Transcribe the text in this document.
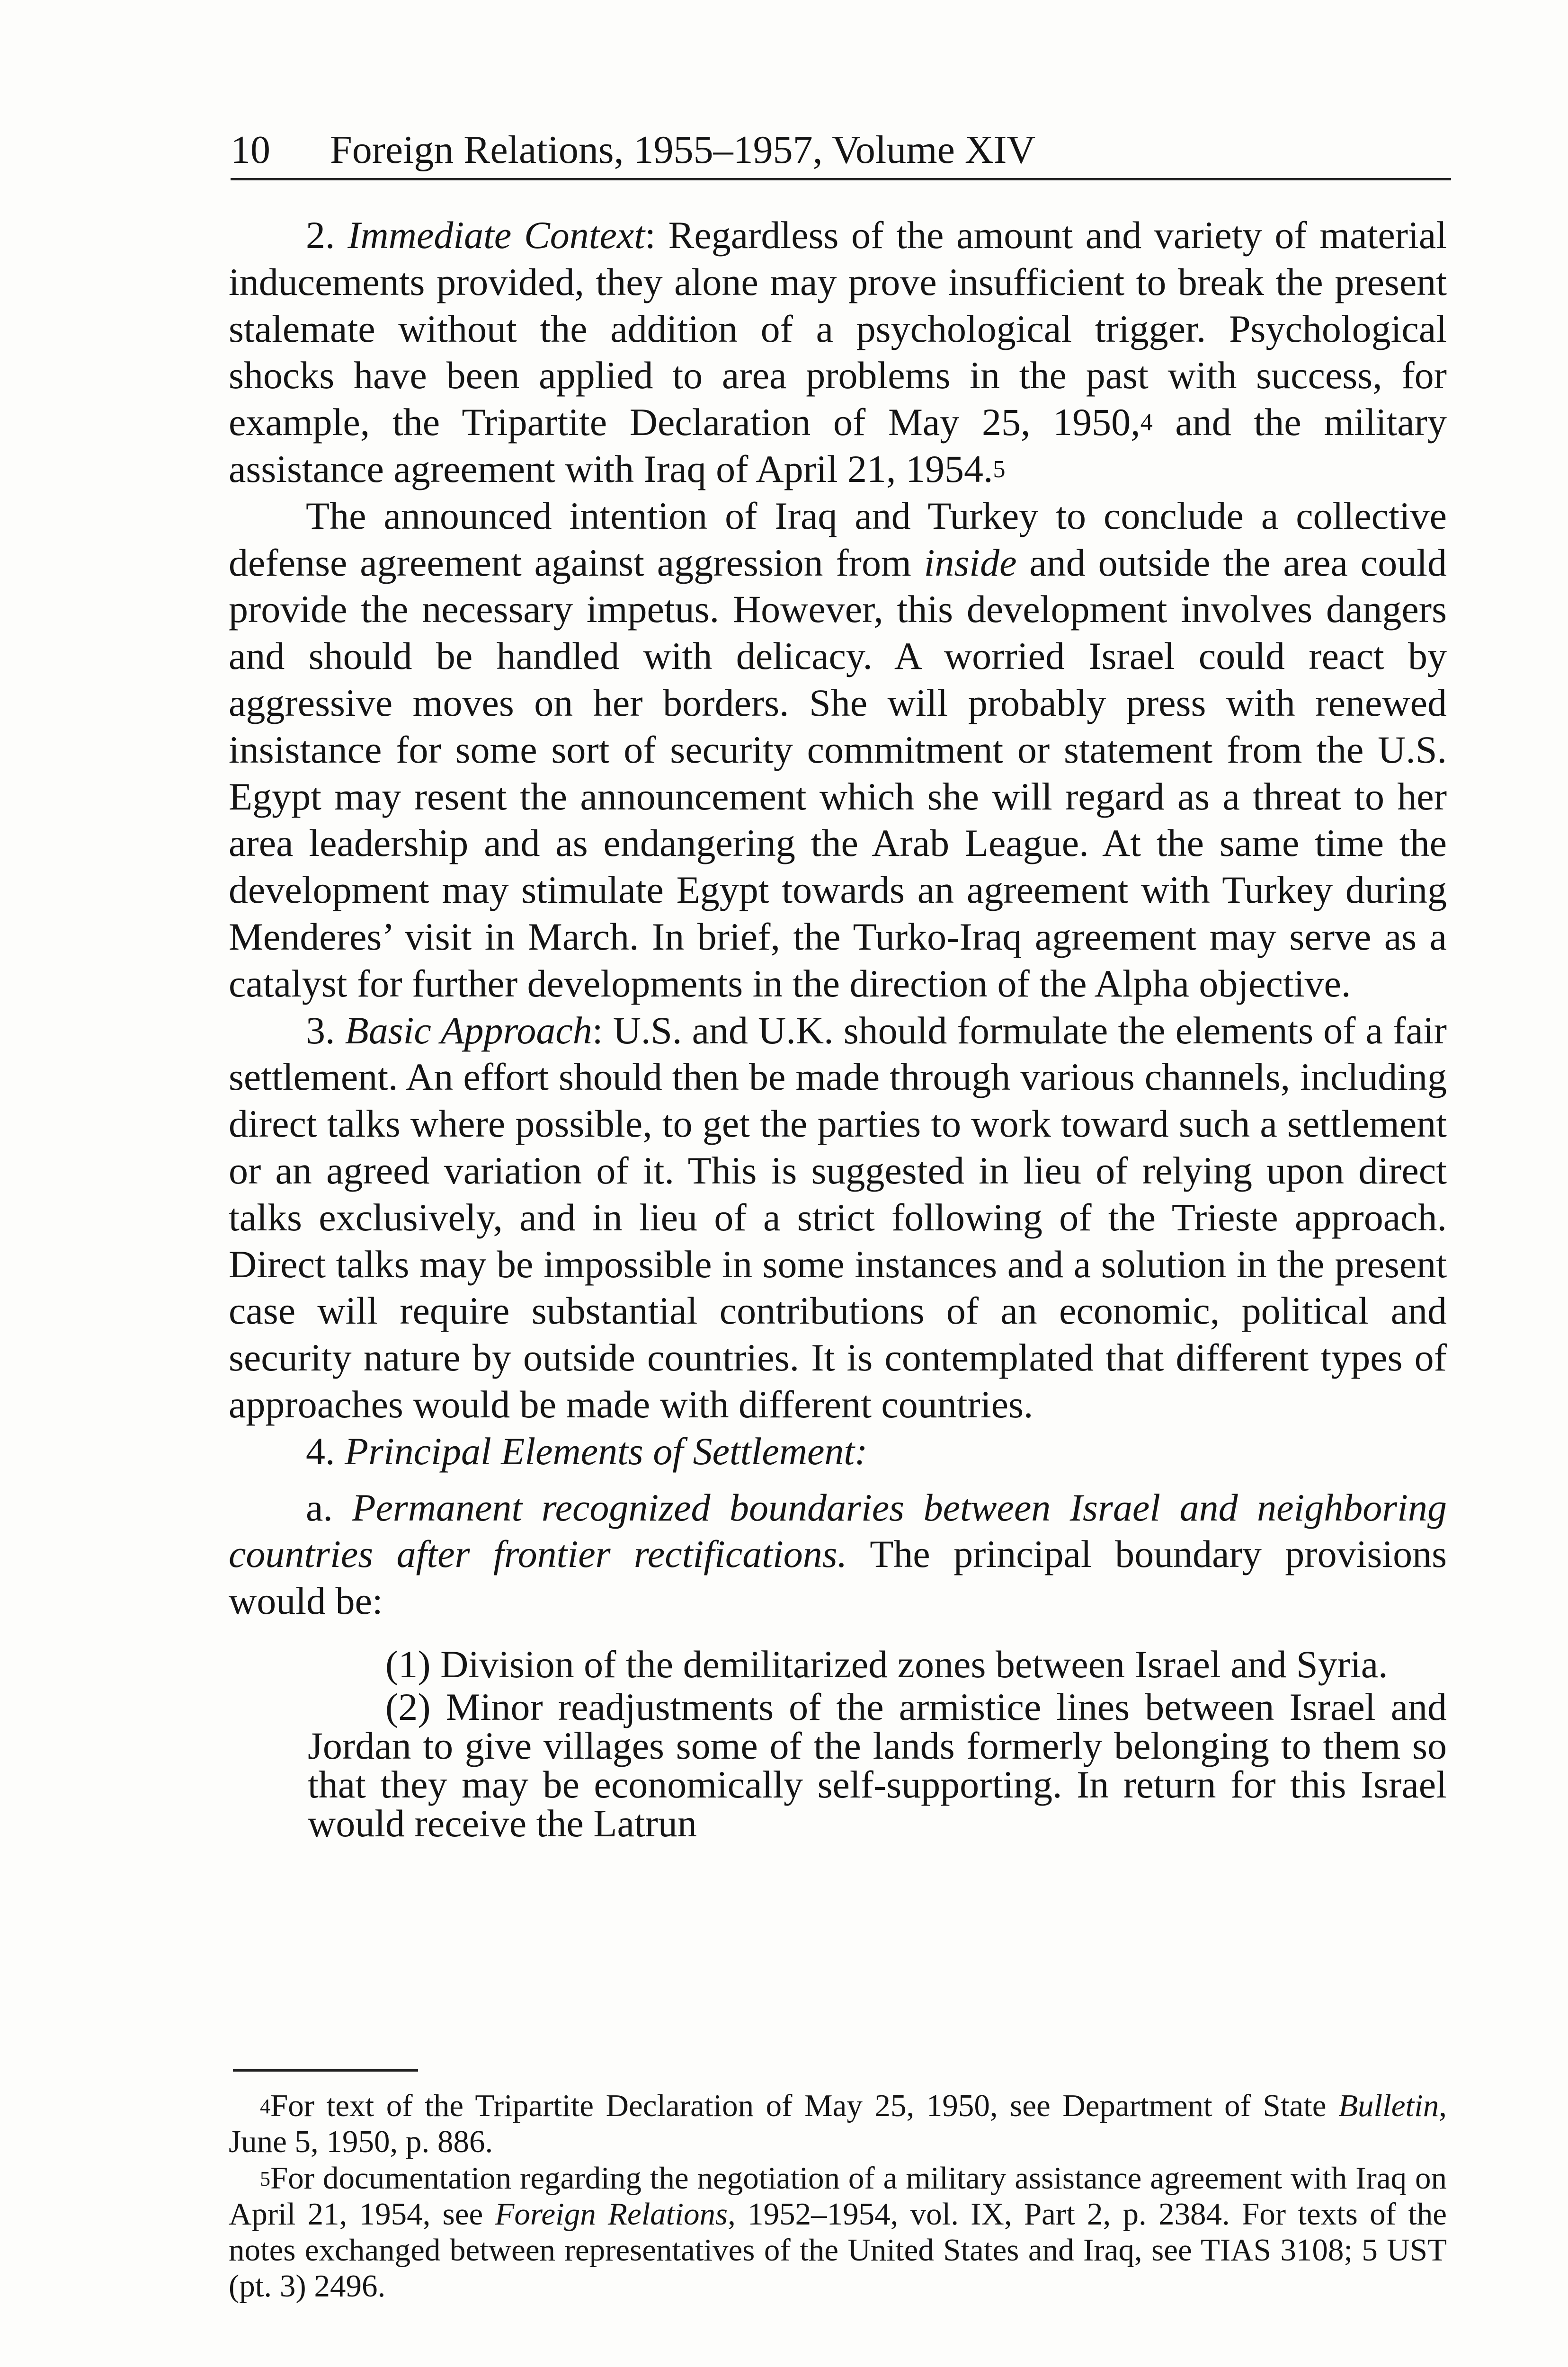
10 Foreign Relations, 1955–1957, Volume XIV

2. Immediate Context: Regardless of the amount and variety of material inducements provided, they alone may prove insufficient to break the present stalemate without the addition of a psychological trigger. Psychological shocks have been applied to area problems in the past with success, for example, the Tripartite Declaration of May 25, 1950,$^4$ and the military assistance agreement with Iraq of April 21, 1954.$^5$

The announced intention of Iraq and Turkey to conclude a collective defense agreement against aggression from inside and outside the area could provide the necessary impetus. However, this development involves dangers and should be handled with delicacy. A worried Israel could react by aggressive moves on her borders. She will probably press with renewed insistance for some sort of security commitment or statement from the U.S. Egypt may resent the announcement which she will regard as a threat to her area leadership and as endangering the Arab League. At the same time the development may stimulate Egypt towards an agreement with Turkey during Menderes’ visit in March. In brief, the Turko-Iraq agreement may serve as a catalyst for further developments in the direction of the Alpha objective.

3. Basic Approach: U.S. and U.K. should formulate the elements of a fair settlement. An effort should then be made through various channels, including direct talks where possible, to get the parties to work toward such a settlement or an agreed variation of it. This is suggested in lieu of relying upon direct talks exclusively, and in lieu of a strict following of the Trieste approach. Direct talks may be impossible in some instances and a solution in the present case will require substantial contributions of an economic, political and security nature by outside countries. It is contemplated that different types of approaches would be made with different countries.

4. Principal Elements of Settlement:

a. Permanent recognized boundaries between Israel and neighboring countries after frontier rectifications. The principal boundary provisions would be:

(1) Division of the demilitarized zones between Israel and Syria.

(2) Minor readjustments of the armistice lines between Israel and Jordan to give villages some of the lands formerly belonging to them so that they may be economically self-supporting. In return for this Israel would receive the Latrun

$^4$For text of the Tripartite Declaration of May 25, 1950, see Department of State Bulletin, June 5, 1950, p. 886.

$^5$For documentation regarding the negotiation of a military assistance agreement with Iraq on April 21, 1954, see Foreign Relations, 1952–1954, vol. IX, Part 2, p. 2384. For texts of the notes exchanged between representatives of the United States and Iraq, see TIAS 3108; 5 UST (pt. 3) 2496.
